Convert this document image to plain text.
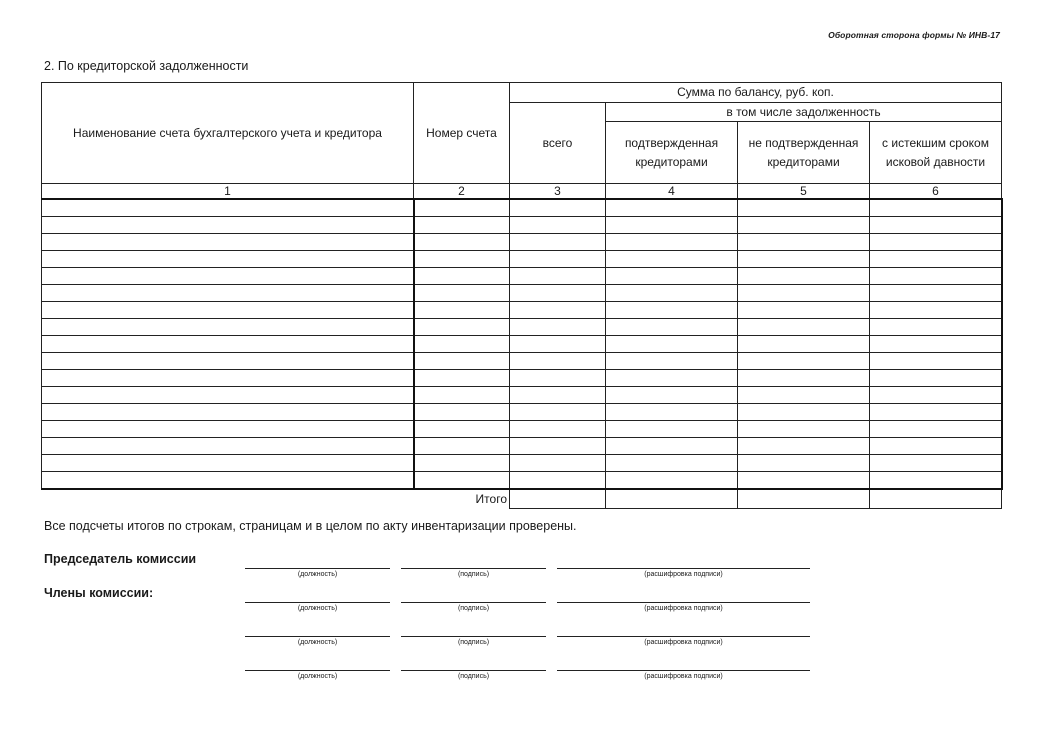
Оборотная сторона формы № ИНВ-17
2. По кредиторской задолженности
Наименование счета бухгалтерского учета и кредитора	Номер счета	Сумма по балансу, руб. коп.			
		всего	в том числе задолженность		
			подтвержденная кредиторами	не подтвержденная кредиторами	с истекшим сроком исковой давности
1	2	3	4	5	6

Итого					
Все подсчеты итогов по строкам, страницам и в целом по акту инвентаризации проверены.
Председатель комиссии
Члены комиссии:
(должность)	(подпись)	(расшифровка подписи)
(должность)	(подпись)	(расшифровка подписи)
(должность)	(подпись)	(расшифровка подписи)
(должность)	(подпись)	(расшифровка подписи)
